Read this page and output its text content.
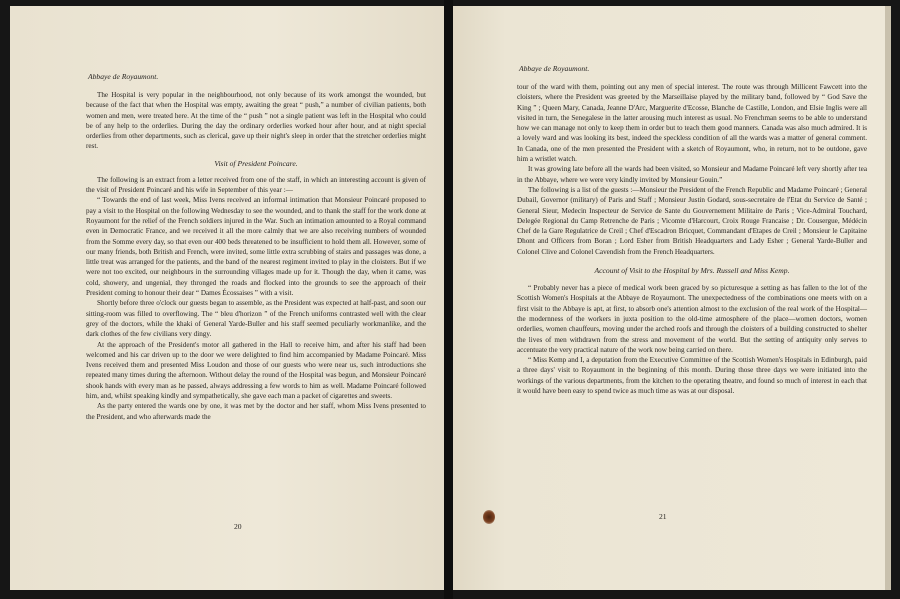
Abbaye de Royaumont.

The Hospital is very popular in the neighbourhood, not only because of its work amongst the wounded, but because of the fact that when the Hospital was empty, awaiting the great “ push,” a number of civilian patients, both women and men, were treated here. At the time of the “ push ” not a single patient was left in the Hospital who could be of any help to the orderlies. During the day the ordinary orderlies worked hour after hour, and at night special orderlies from other departments, such as clerical, gave up their night's sleep in order that the stretcher orderlies might rest.

Visit of President Poincare.

The following is an extract from a letter received from one of the staff, in which an interesting account is given of the visit of President Poincaré and his wife in September of this year :—

“ Towards the end of last week, Miss Ivens received an informal intimation that Monsieur Poincaré proposed to pay a visit to the Hospital on the following Wednesday to see the wounded, and to thank the staff for the work done at Royaumont for the relief of the French soldiers injured in the War. Such an intimation amounted to a Royal command even in Democratic France, and we received it all the more calmly that we are also receiving numbers of wounded from the Somme every day, so that even our 400 beds threatened to be insufficient to hold them all. However, some of our many friends, both British and French, were invited, some little extra scrubbing of stairs and passages was done, a little treat was arranged for the patients, and the band of the nearest regiment invited to play in the cloisters. But if we were not too excited, our neighbours in the surrounding villages made up for it. Though the day, when it came, was cold, showery, and ungenial, they thronged the roads and flocked into the grounds to see the approach of their President coming to honour their dear “ Dames Écossaises ” with a visit.

Shortly before three o'clock our guests began to assemble, as the President was expected at half-past, and soon our sitting-room was filled to overflowing. The “ bleu d'horizon ” of the French uniforms contrasted well with the clear grey of the doctors, while the khaki of General Yarde-Buller and his staff seemed peculiarly workmanlike, and the dark clothes of the few civilians very dingy.

At the approach of the President's motor all gathered in the Hall to receive him, and after his staff had been welcomed and his car driven up to the door we were delighted to find him accompanied by Madame Poincaré. Miss Ivens received them and presented Miss Loudon and those of our guests who were near us, such introductions she repeated many times during the afternoon. Without delay the round of the Hospital was begun, and Monsieur Poincaré shook hands with every man as he passed, always addressing a few words to him as well. Madame Poincaré followed him, and, whilst speaking kindly and sympathetically, she gave each man a packet of cigarettes and sweets.

As the party entered the wards one by one, it was met by the doctor and her staff, whom Miss Ivens presented to the President, and who afterwards made the

20
Abbaye de Royaumont.

tour of the ward with them, pointing out any men of special interest. The route was through Millicent Fawcett into the cloisters, where the President was greeted by the Marseillaise played by the military band, followed by “ God Save the King ” ; Queen Mary, Canada, Jeanne D'Arc, Marguerite d'Ecosse, Blanche de Castille, London, and Elsie Inglis were all visited in turn, the Senegalese in the latter arousing much interest as usual. No Frenchman seems to be able to understand how we can manage not only to keep them in order but to teach them good manners. Canada was also much admired. It is a lovely ward and was looking its best, indeed the speckless condition of all the wards was a matter of general comment. In Canada, one of the men presented the President with a sketch of Royaumont, who, in return, not to be outdone, gave him a wristlet watch.

It was growing late before all the wards had been visited, so Monsieur and Madame Poincaré left very shortly after tea in the Abbaye, where we were very kindly invited by Monsieur Gouin.”

The following is a list of the guests :—Monsieur the President of the French Republic and Madame Poincaré ; General Dubail, Governor (military) of Paris and Staff ; Monsieur Justin Godard, sous-secretaire de l'Etat du Service de Santé ; General Sieur, Medecin Inspecteur de Service de Sante du Gouvernement Militaire de Paris ; Vice-Admiral Touchard, Delegée Regional du Camp Retrenche de Paris ; Vicomte d'Harcourt, Croix Rouge Francaise ; Dr. Cousergue, Médécin Chef de la Gare Regulatrice de Creil ; Chef d'Escadron Bricquet, Commandant d'Etapes de Creil ; Monsieur le Capitaine Dhont and Officers from Boran ; Lord Esher from British Headquarters and Lady Esher ; General Yarde-Buller and Colonel Clive and Colonel Cavendish from the French Headquarters.

Account of Visit to the Hospital by Mrs. Russell and Miss Kemp.

“ Probably never has a piece of medical work been graced by so picturesque a setting as has fallen to the lot of the Scottish Women's Hospitals at the Abbaye de Royaumont. The unexpectedness of the combinations one meets with on a first visit to the Abbaye is apt, at first, to absorb one's attention almost to the exclusion of the real work of the Hospital—the modernness of the workers in juxta position to the old-time atmosphere of the place—women doctors, women orderlies, women chauffeurs, moving under the arched roofs and through the cloisters of a building constructed to shelter the lives of men withdrawn from the stress and movement of the world. But the setting of antiquity only serves to accentuate the very practical nature of the work now being carried on there.

“ Miss Kemp and I, a deputation from the Executive Committee of the Scottish Women's Hospitals in Edinburgh, paid a three days' visit to Royaumont in the beginning of this month. During those three days we were initiated into the workings of the various departments, from the kitchen to the operating theatre, and found so much of interest in each that it would have been easy to spend twice as much time as was at our disposal.

21
